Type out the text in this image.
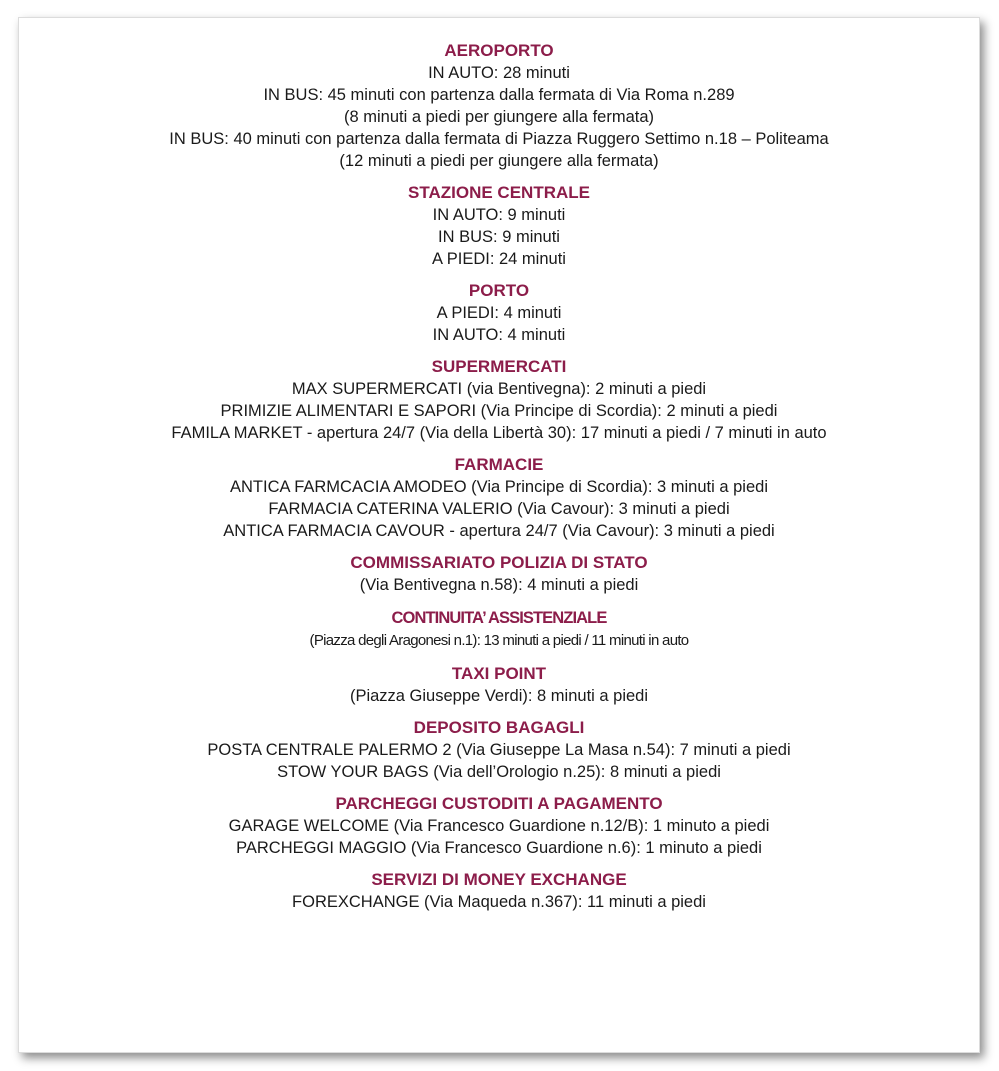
AEROPORTO
IN AUTO: 28 minuti
IN BUS: 45 minuti con partenza dalla fermata di Via Roma n.289
(8 minuti a piedi per giungere alla fermata)
IN BUS: 40 minuti con partenza dalla fermata di Piazza Ruggero Settimo n.18 – Politeama
(12 minuti a piedi per giungere alla fermata)
STAZIONE CENTRALE
IN AUTO: 9 minuti
IN BUS: 9 minuti
A PIEDI: 24 minuti
PORTO
A PIEDI: 4 minuti
IN AUTO: 4 minuti
SUPERMERCATI
MAX SUPERMERCATI (via Bentivegna): 2 minuti a piedi
PRIMIZIE ALIMENTARI E SAPORI (Via Principe di Scordia): 2 minuti a piedi
FAMILA MARKET - apertura 24/7 (Via della Libertà 30): 17 minuti a piedi / 7 minuti in auto
FARMACIE
ANTICA FARMCACIA AMODEO (Via Principe di Scordia): 3 minuti a piedi
FARMACIA CATERINA VALERIO (Via Cavour): 3 minuti a piedi
ANTICA FARMACIA CAVOUR - apertura 24/7 (Via Cavour): 3 minuti a piedi
COMMISSARIATO POLIZIA DI STATO
(Via Bentivegna n.58): 4 minuti a piedi
CONTINUITA’ ASSISTENZIALE
(Piazza degli Aragonesi n.1): 13 minuti a piedi / 11 minuti in auto
TAXI POINT
(Piazza Giuseppe Verdi): 8 minuti a piedi
DEPOSITO BAGAGLI
POSTA CENTRALE PALERMO 2 (Via Giuseppe La Masa n.54): 7 minuti a piedi
STOW YOUR BAGS (Via dell’Orologio n.25): 8 minuti a piedi
PARCHEGGI CUSTODITI A PAGAMENTO
GARAGE WELCOME (Via Francesco Guardione n.12/B): 1 minuto a piedi
PARCHEGGI MAGGIO (Via Francesco Guardione n.6): 1 minuto a piedi
SERVIZI DI MONEY EXCHANGE
FOREXCHANGE (Via Maqueda n.367): 11 minuti a piedi
